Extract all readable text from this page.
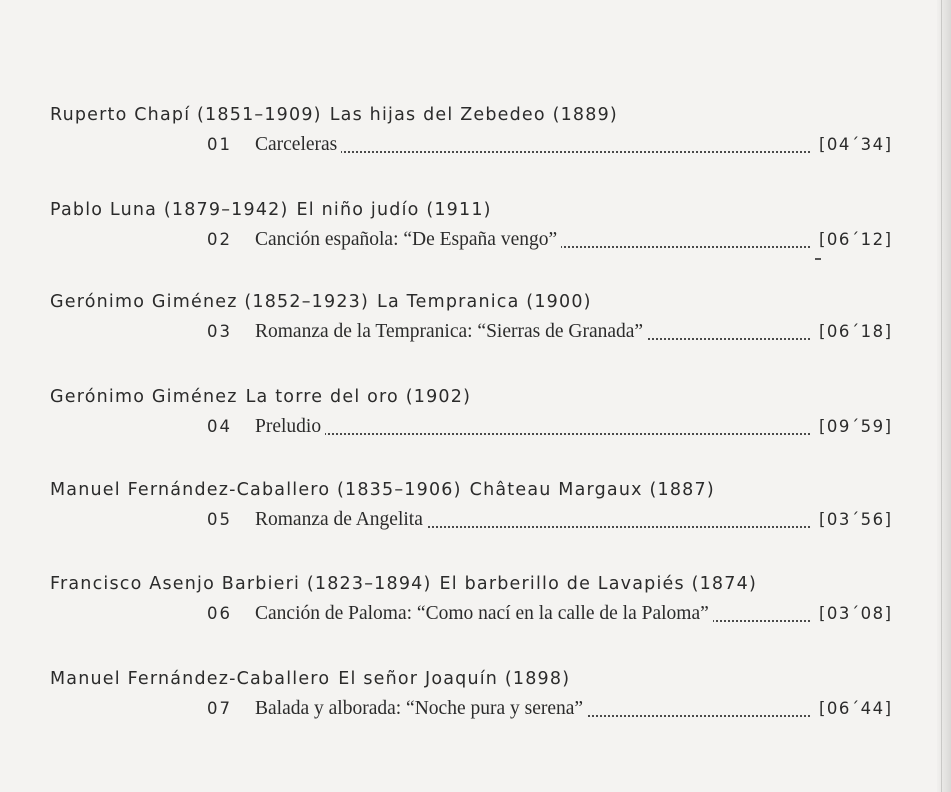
Ruperto Chapí (1851–1909) Las hijas del Zebedeo (1889)
01	Carceleras	[04´34]
Pablo Luna (1879–1942) El niño judío (1911)
02	Canción española: “De España vengo”	[06´12]
Gerónimo Giménez (1852–1923) La Tempranica (1900)
03	Romanza de la Tempranica: “Sierras de Granada”	[06´18]
Gerónimo Giménez La torre del oro (1902)
04	Preludio	[09´59]
Manuel Fernández-Caballero (1835–1906) Château Margaux (1887)
05	Romanza de Angelita	[03´56]
Francisco Asenjo Barbieri (1823–1894) El barberillo de Lavapiés (1874)
06	Canción de Paloma: “Como nací en la calle de la Paloma”	[03´08]
Manuel Fernández-Caballero El señor Joaquín (1898)
07	Balada y alborada: “Noche pura y serena”	[06´44]
